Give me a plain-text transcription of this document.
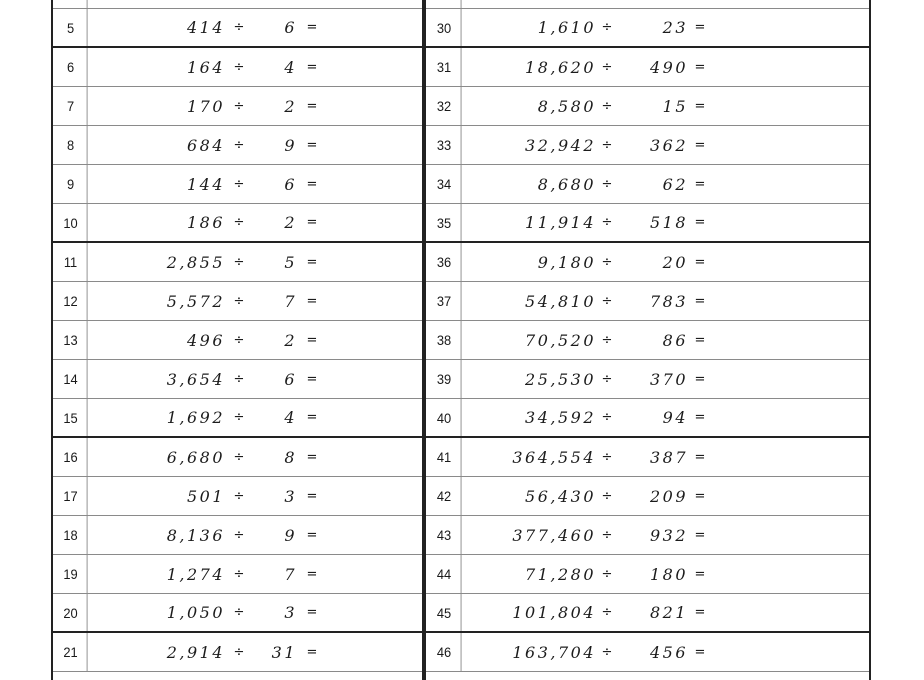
5	414 ÷	6 =
6	164 ÷	4 =
7	170 ÷	2 =
8	684 ÷	9 =
9	144 ÷	6 =
10	186 ÷	2 =
11	2,855 ÷	5 =
12	5,572 ÷	7 =
13	496 ÷	2 =
14	3,654 ÷	6 =
15	1,692 ÷	4 =
16	6,680 ÷	8 =
17	501 ÷	3 =
18	8,136 ÷	9 =
19	1,274 ÷	7 =
20	1,050 ÷	3 =
21	2,914 ÷	31 =
30	1,610 ÷	23 =
31	18,620 ÷	490 =
32	8,580 ÷	15 =
33	32,942 ÷	362 =
34	8,680 ÷	62 =
35	11,914 ÷	518 =
36	9,180 ÷	20 =
37	54,810 ÷	783 =
38	70,520 ÷	86 =
39	25,530 ÷	370 =
40	34,592 ÷	94 =
41	364,554 ÷	387 =
42	56,430 ÷	209 =
43	377,460 ÷	932 =
44	71,280 ÷	180 =
45	101,804 ÷	821 =
46	163,704 ÷	456 =
